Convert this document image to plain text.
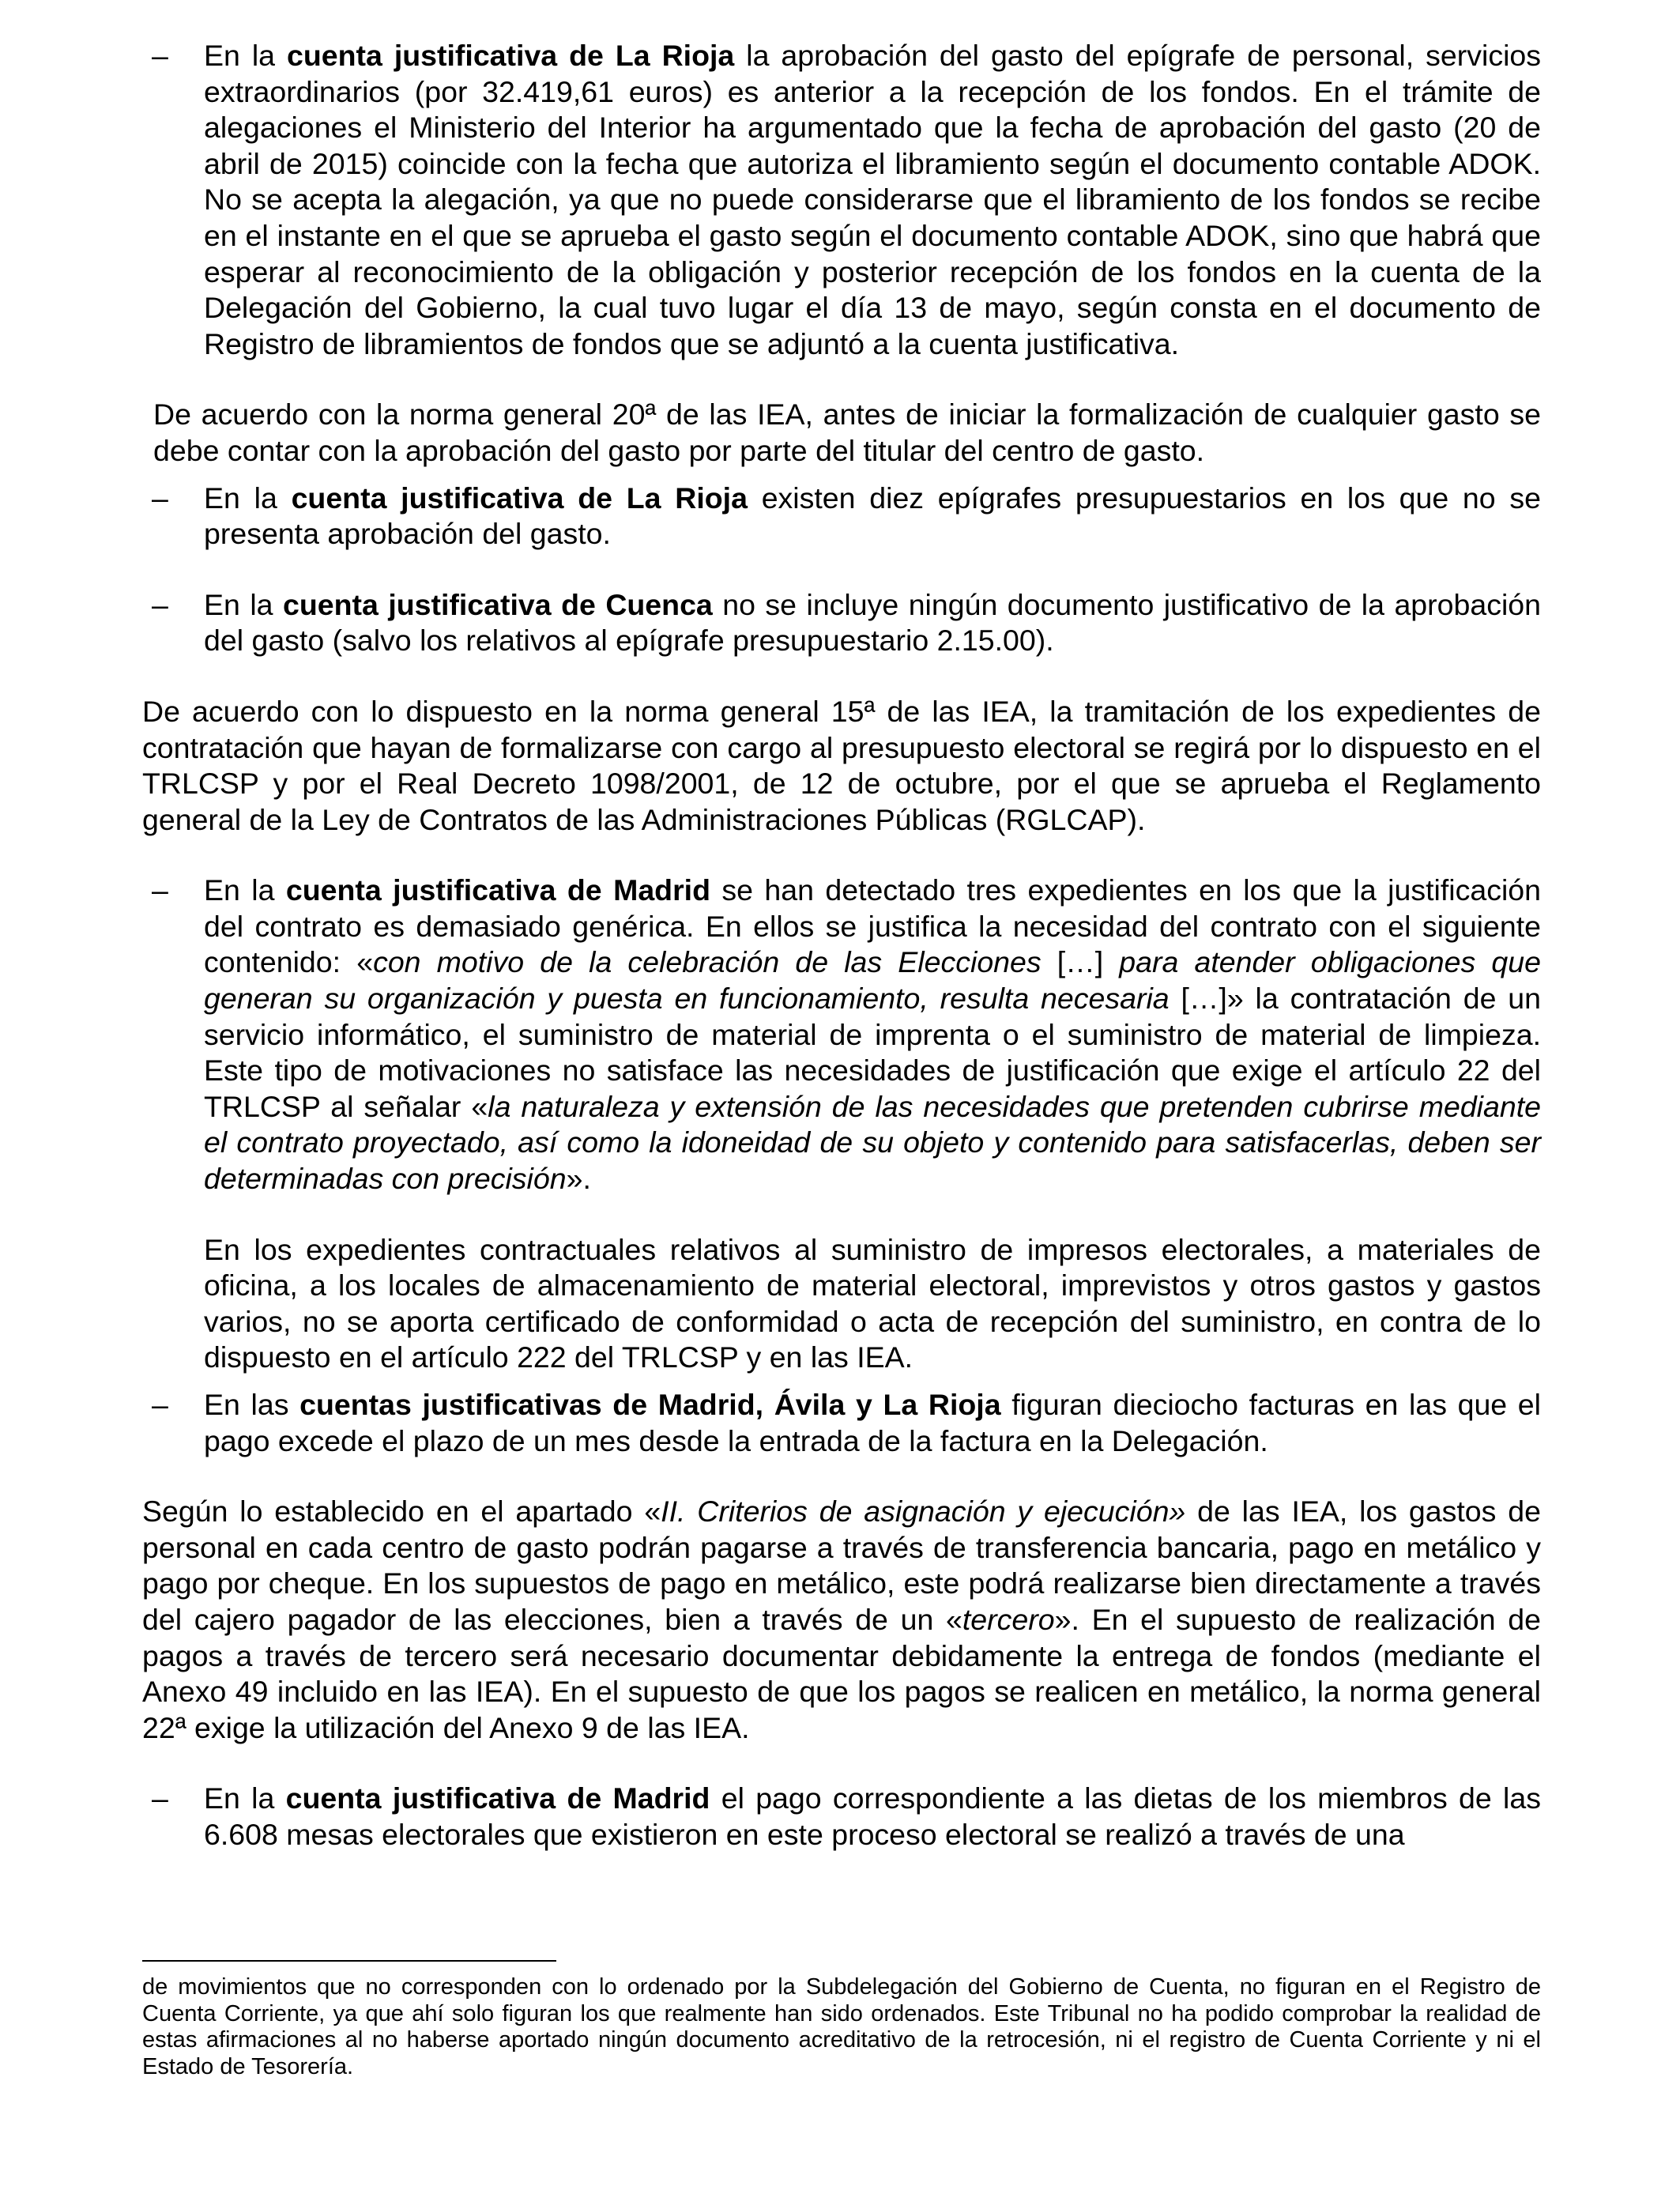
– En la cuenta justificativa de La Rioja la aprobación del gasto del epígrafe de personal, servicios extraordinarios (por 32.419,61 euros) es anterior a la recepción de los fondos. En el trámite de alegaciones el Ministerio del Interior ha argumentado que la fecha de aprobación del gasto (20 de abril de 2015) coincide con la fecha que autoriza el libramiento según el documento contable ADOK. No se acepta la alegación, ya que no puede considerarse que el libramiento de los fondos se recibe en el instante en el que se aprueba el gasto según el documento contable ADOK, sino que habrá que esperar al reconocimiento de la obligación y posterior recepción de los fondos en la cuenta de la Delegación del Gobierno, la cual tuvo lugar el día 13 de mayo, según consta en el documento de Registro de libramientos de fondos que se adjuntó a la cuenta justificativa.
De acuerdo con la norma general 20ª de las IEA, antes de iniciar la formalización de cualquier gasto se debe contar con la aprobación del gasto por parte del titular del centro de gasto.
– En la cuenta justificativa de La Rioja existen diez epígrafes presupuestarios en los que no se presenta aprobación del gasto.
– En la cuenta justificativa de Cuenca no se incluye ningún documento justificativo de la aprobación del gasto (salvo los relativos al epígrafe presupuestario 2.15.00).
De acuerdo con lo dispuesto en la norma general 15ª de las IEA, la tramitación de los expedientes de contratación que hayan de formalizarse con cargo al presupuesto electoral se regirá por lo dispuesto en el TRLCSP y por el Real Decreto 1098/2001, de 12 de octubre, por el que se aprueba el Reglamento general de la Ley de Contratos de las Administraciones Públicas (RGLCAP).
– En la cuenta justificativa de Madrid se han detectado tres expedientes en los que la justificación del contrato es demasiado genérica. En ellos se justifica la necesidad del contrato con el siguiente contenido: «con motivo de la celebración de las Elecciones […] para atender obligaciones que generan su organización y puesta en funcionamiento, resulta necesaria […]» la contratación de un servicio informático, el suministro de material de imprenta o el suministro de material de limpieza. Este tipo de motivaciones no satisface las necesidades de justificación que exige el artículo 22 del TRLCSP al señalar «la naturaleza y extensión de las necesidades que pretenden cubrirse mediante el contrato proyectado, así como la idoneidad de su objeto y contenido para satisfacerlas, deben ser determinadas con precisión».
En los expedientes contractuales relativos al suministro de impresos electorales, a materiales de oficina, a los locales de almacenamiento de material electoral, imprevistos y otros gastos y gastos varios, no se aporta certificado de conformidad o acta de recepción del suministro, en contra de lo dispuesto en el artículo 222 del TRLCSP y en las IEA.
– En las cuentas justificativas de Madrid, Ávila y La Rioja figuran dieciocho facturas en las que el pago excede el plazo de un mes desde la entrada de la factura en la Delegación.
Según lo establecido en el apartado «II. Criterios de asignación y ejecución» de las IEA, los gastos de personal en cada centro de gasto podrán pagarse a través de transferencia bancaria, pago en metálico y pago por cheque. En los supuestos de pago en metálico, este podrá realizarse bien directamente a través del cajero pagador de las elecciones, bien a través de un «tercero». En el supuesto de realización de pagos a través de tercero será necesario documentar debidamente la entrega de fondos (mediante el Anexo 49 incluido en las IEA). En el supuesto de que los pagos se realicen en metálico, la norma general 22ª exige la utilización del Anexo 9 de las IEA.
– En la cuenta justificativa de Madrid el pago correspondiente a las dietas de los miembros de las 6.608 mesas electorales que existieron en este proceso electoral se realizó a través de una
de movimientos que no corresponden con lo ordenado por la Subdelegación del Gobierno de Cuenta, no figuran en el Registro de Cuenta Corriente, ya que ahí solo figuran los que realmente han sido ordenados. Este Tribunal no ha podido comprobar la realidad de estas afirmaciones al no haberse aportado ningún documento acreditativo de la retrocesión, ni el registro de Cuenta Corriente y ni el Estado de Tesorería.
